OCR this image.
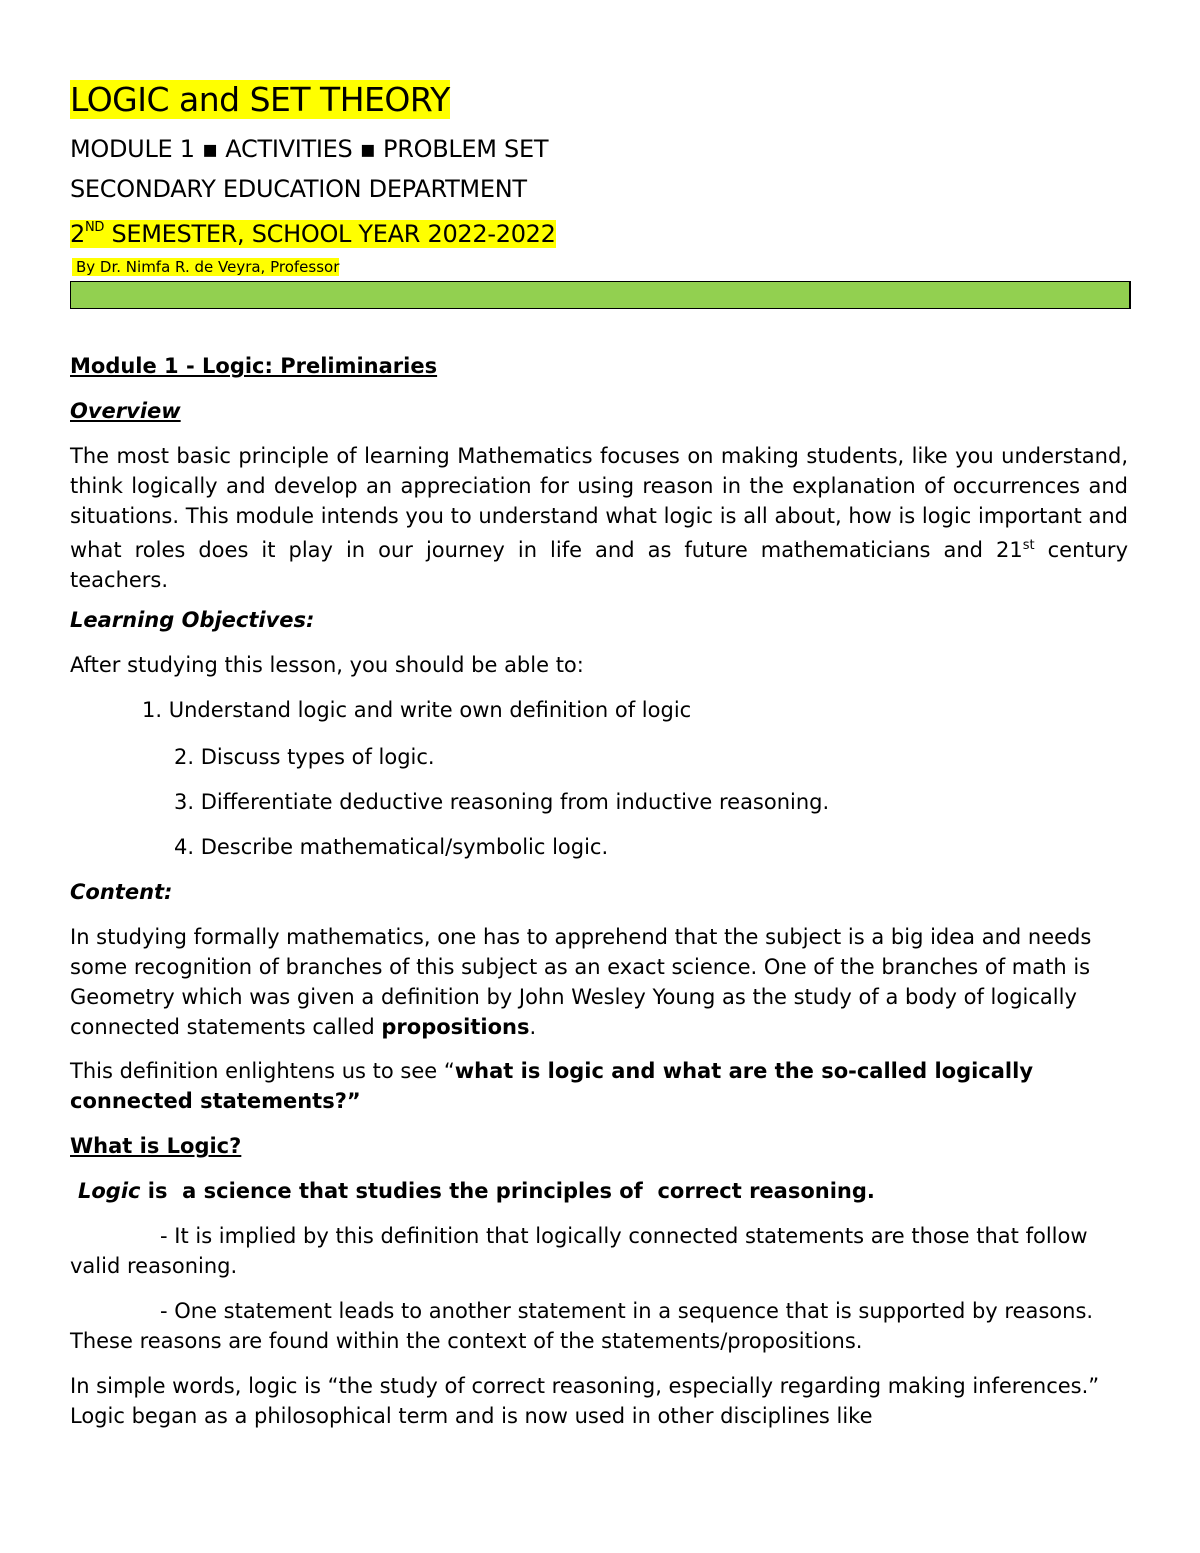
LOGIC and SET THEORY
MODULE 1 ▪ ACTIVITIES ▪ PROBLEM SET
SECONDARY EDUCATION DEPARTMENT
2ND SEMESTER, SCHOOL YEAR 2022-2022
By Dr. Nimfa R. de Veyra, Professor
Module 1 - Logic: Preliminaries
Overview
The most basic principle of learning Mathematics focuses on making students, like you understand, think logically and develop an appreciation for using reason in the explanation of occurrences and situations. This module intends you to understand what logic is all about, how is logic important and what roles does it play in our journey in life and as future mathematicians and 21st century teachers.
Learning Objectives:
After studying this lesson, you should be able to:
1. Understand logic and write own definition of logic
2. Discuss types of logic.
3. Differentiate deductive reasoning from inductive reasoning.
4. Describe mathematical/symbolic logic.
Content:
In studying formally mathematics, one has to apprehend that the subject is a big idea and needs some recognition of branches of this subject as an exact science. One of the branches of math is Geometry which was given a definition by John Wesley Young as the study of a body of logically connected statements called propositions.
This definition enlightens us to see “what is logic and what are the so-called logically connected statements?”
What is Logic?
Logic is  a science that studies the principles of  correct reasoning.
- It is implied by this definition that logically connected statements are those that follow valid reasoning.
- One statement leads to another statement in a sequence that is supported by reasons. These reasons are found within the context of the statements/propositions.
In simple words, logic is “the study of correct reasoning, especially regarding making inferences.” Logic began as a philosophical term and is now used in other disciplines like
